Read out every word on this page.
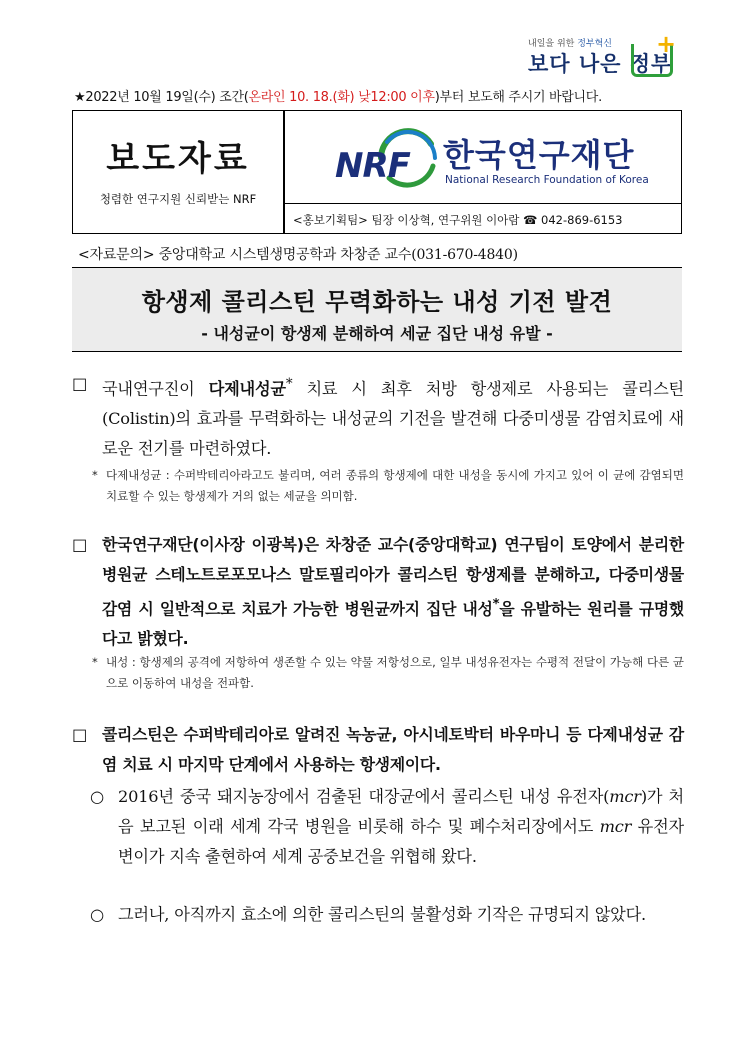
내일을 위한 정부혁신
보다 나은 정부
+
★2022년 10월 19일(수) 조간(온라인 10. 18.(화) 낮12:00 이후)부터 보도해 주시기 바랍니다.
보도자료
청렴한 연구지원 신뢰받는 NRF
<홍보기획팀> 팀장 이상혁, 연구위원 이아람 ☎ 042-869-6153
NRF 한국연구재단
National Research Foundation of Korea
<자료문의> 중앙대학교 시스템생명공학과 차창준 교수(031-670-4840)
항생제 콜리스틴 무력화하는 내성 기전 발견
- 내성균이 항생제 분해하여 세균 집단 내성 유발 -
□ 국내연구진이 다제내성균* 치료 시 최후 처방 항생제로 사용되는 콜리스틴(Colistin)의 효과를 무력화하는 내성균의 기전을 발견해 다중미생물 감염치료에 새로운 전기를 마련하였다.
* 다제내성균 : 수퍼박테리아라고도 불리며, 여러 종류의 항생제에 대한 내성을 동시에 가지고 있어 이 균에 감염되면 치료할 수 있는 항생제가 거의 없는 세균을 의미함.
□ 한국연구재단(이사장 이광복)은 차창준 교수(중앙대학교) 연구팀이 토양에서 분리한 병원균 스테노트로포모나스 말토필리아가 콜리스틴 항생제를 분해하고, 다중미생물 감염 시 일반적으로 치료가 가능한 병원균까지 집단 내성*을 유발하는 원리를 규명했다고 밝혔다.
* 내성 : 항생제의 공격에 저항하여 생존할 수 있는 약물 저항성으로, 일부 내성유전자는 수평적 전달이 가능해 다른 균으로 이동하여 내성을 전파함.
□ 콜리스틴은 수퍼박테리아로 알려진 녹농균, 아시네토박터 바우마니 등 다제내성균 감염 치료 시 마지막 단계에서 사용하는 항생제이다.
○ 2016년 중국 돼지농장에서 검출된 대장균에서 콜리스틴 내성 유전자(mcr)가 처음 보고된 이래 세계 각국 병원을 비롯해 하수 및 폐수처리장에서도 mcr 유전자 변이가 지속 출현하여 세계 공중보건을 위협해 왔다.
○ 그러나, 아직까지 효소에 의한 콜리스틴의 불활성화 기작은 규명되지 않았다.
